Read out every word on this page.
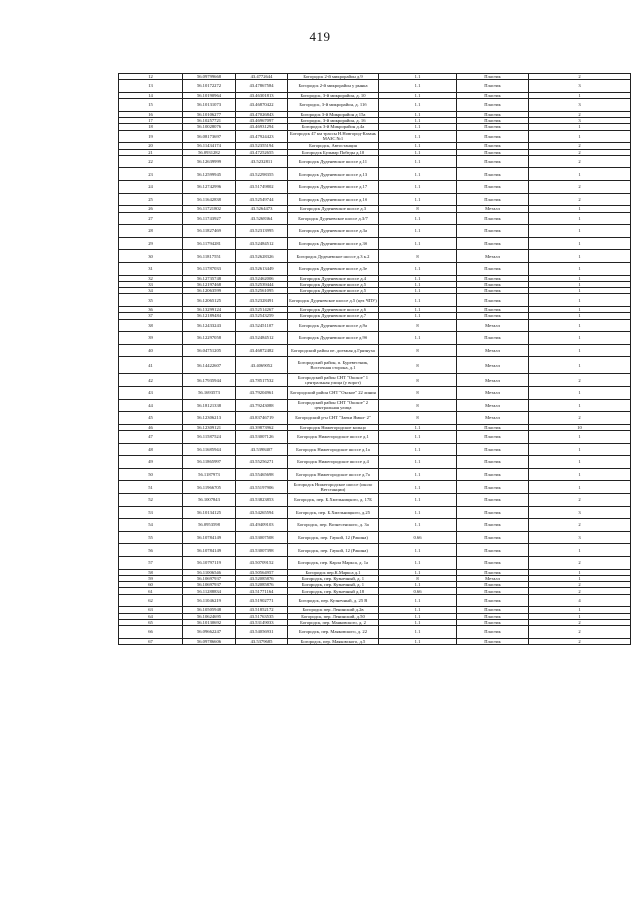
419
12	56.09799668	43.4772644	Богородск 2-й микрорайон д.9	1.1	Пластик	2
13	56.10172272	43.47867584	Богородск 2-й микрорайон у рынка	1.1	Пластик	3
14	56.10190964	43.46301813	Богородск, 3-й микрорайон, д. 10	1.1	Пластик	1
15	56.10131073	43.46870422	Богородск, 3-й микрорайон, д. 11б	1.1	Пластик	3
16	56.10106277	43.47026843	Богородск 3-й Микрорайон д 15а	1.1	Пластик	2
17	56.10257721	43.46967097	Богородск, 3-й микрорайон, д. 16	1.1	Пластик	3
18	56.10028076	43.46931294	Богородск 3-й Микрорайон д.4а	1.1	Пластик	1
19	56.08173697	43.47924423	Богородск 47 км трассы Н.Новгород-Казань МАЗС №1	1.1	Пластик	1
20	56.11434174	43.52355194	Богородск, Автостанция	1.1	Пластик	2
21	56.0931282	43.47252655	Богородск Бульвар Победы д.10	1.1	Пластик	2
22	56.12639999	43.5232811	Богородск Дуденевское шоссе д.11	1.1	Пластик	2
23	56.12599945	43.52298355	Богородск Дуденевское шоссе д.13	1.1	Пластик	1
24	56.12742996	43.51749802	Богородск Дуденевское шоссе д.17	1.1	Пластик	2
25	56.11642838	43.52549744	Богородск Дуденевское шоссе д.1б	1.1	Пластик	2
26	56.11721802	43.5264473	Богородск Дуденевское шоссе д.3	8	Металл	1
27	56.11743927	43.5268364	Богородск Дуденевское шоссе д.3/7	1.1	Пластик	1
28	56.11827469	43.52313995	Богородск Дуденевское шоссе д.3а	1.1	Пластик	1
29	56.11794281	43.52484512	Богородск Дуденевское шоссе д.3б	1.1	Пластик	1
30	56.11817551	43.52628326	Богородск Дуденевское шоссе д.3 к.2	8	Металл	1
31	56.11787033	43.52613449	Богородск Дуденевское шоссе д.3е	1.1	Пластик	1
32	56.12735748	43.52462006	Богородск Дуденевское шоссе д.4	1.1	Пластик	1
33	56.12197468	43.52539444	Богородск Дуденевское шоссе д.5	1.1	Пластик	1
34	56.12063599	43.52561095	Богородск Дуденевское шоссе д.5	1.1	Пластик	1
35	56.12065125	43.52328491	Богородск Дуденевское шоссе д.5 (цех ЧПУ)	1.1	Пластик	1
36	56.13299124	43.52514267	Богородск Дуденевское шоссе д.6	1.1	Пластик	1
37	56.12189484	43.52543259	Богородск Дуденевское шоссе д.7	1.1	Пластик	1
38	56.12433243	43.52451107	Богородск Дуденевское шоссе д.9а	8	Металл	1
39	56.12297058	43.52484512	Богородск Дуденевское шоссе д.9б	1.1	Пластик	1
40	56.04751205	43.46872482	Богородский район пе. доезжая д.Грязнуха	8	Металл	1
41	56.14422607	43.4069052	Богородский район, п. Буревестник, Восточная сторона, д.1	8	Металл	1
42	56.17935944	43.78517532	Богородский район СНТ "Окское" 1 центральная улица (у ворот)	8	Металл	2
43	56.1693573	43.79204961	Богородский район СНТ "Окское" 22 линия	8	Металл	1
44	56.18121338	43.79243088	Богородский район СНТ "Окское" 2 центральная улица	8	Металл	1
45	56.12306213	43.83746719	Богородский р-н СНТ "Заеки Ямки- 2"	8	Металл	2
46	56.12309121	43.39873962	Богородск Нижегородское кольцо	1.1	Пластик	10
47	56.11587524	43.53007126	Богородск Нижегородское шоссе д.1	1.1	Пластик	1
48	56.11685944	43.5398407	Богородск Нижегородское шоссе д.1а	1.1	Пластик	1
49	56.11865997	43.55256271	Богородск Нижегородское шоссе д.4	1.1	Пластик	1
50	56.1187973	43.55465698	Богородск Нижегородское шоссе д.7а	1.1	Пластик	1
51	56.11966705	43.55197906	Богородск Нижегородское шоссе (около Ветстанции)	1.1	Пластик	1
52	56.1007843	43.53823853	Богородск, пер. Б.Хмельницкого, д. 17Б	1.1	Пластик	2
53	56.10134125	43.54265594	Богородск, пер. Б.Хмельницкого, д.25	1.1	Пластик	3
54	56.0953598	43.49409103	Богородск, пер. Вознесенского, д. 3а	1.1	Пластик	2
55	56.10784149	43.53007508	Богородск, пер. Гаукой, 12 (Ракина)	0.66	Пластик	3
56	56.10784149	43.53007398	Богородск, пер. Гаукой, 12 (Ракина)	1.1	Пластик	1
57	56.10797119	43.50709152	Богородск, пер. Карла Маркса, д. 1а	1.1	Пластик	2
58	56.11006546	43.50564957	Богородск пер.К.Маркса д.1	1.1	Пластик	1
59	56.10697937	43.52085876	Богородск, пер. Кузнечный, д. 1	8	Металл	1
60	56.10697937	43.52085876	Богородск, пер. Кузнечный, д. 1	1.1	Пластик	2
61	56.11288834	43.51771164	Богородск, пер. Кузнечный д.18	0.66	Пластик	2
62	56.11046219	43.51902771	Богородск, пер. Кузнечный, д. 25 В	1.1	Пластик	4
63	56.10505948	43.51852172	Богородск пер. Ленинский д.2в	1.1	Пластик	1
64	56.10624695	43.51763535	Богородск, пер. Ленинский, д.50	1.1	Пластик	1
65	56.10130692	43.53149033	Богородск, пер. Маяковского, д. 2	1.1	Пластик	2
66	56.09662247	43.54056931	Богородск, пер. Маяковского, д. 22	1.1	Пластик	2
67	56.09786606	43.5379685	Богородск, пер. Маяковского, д.5	1.1	Пластик	2
